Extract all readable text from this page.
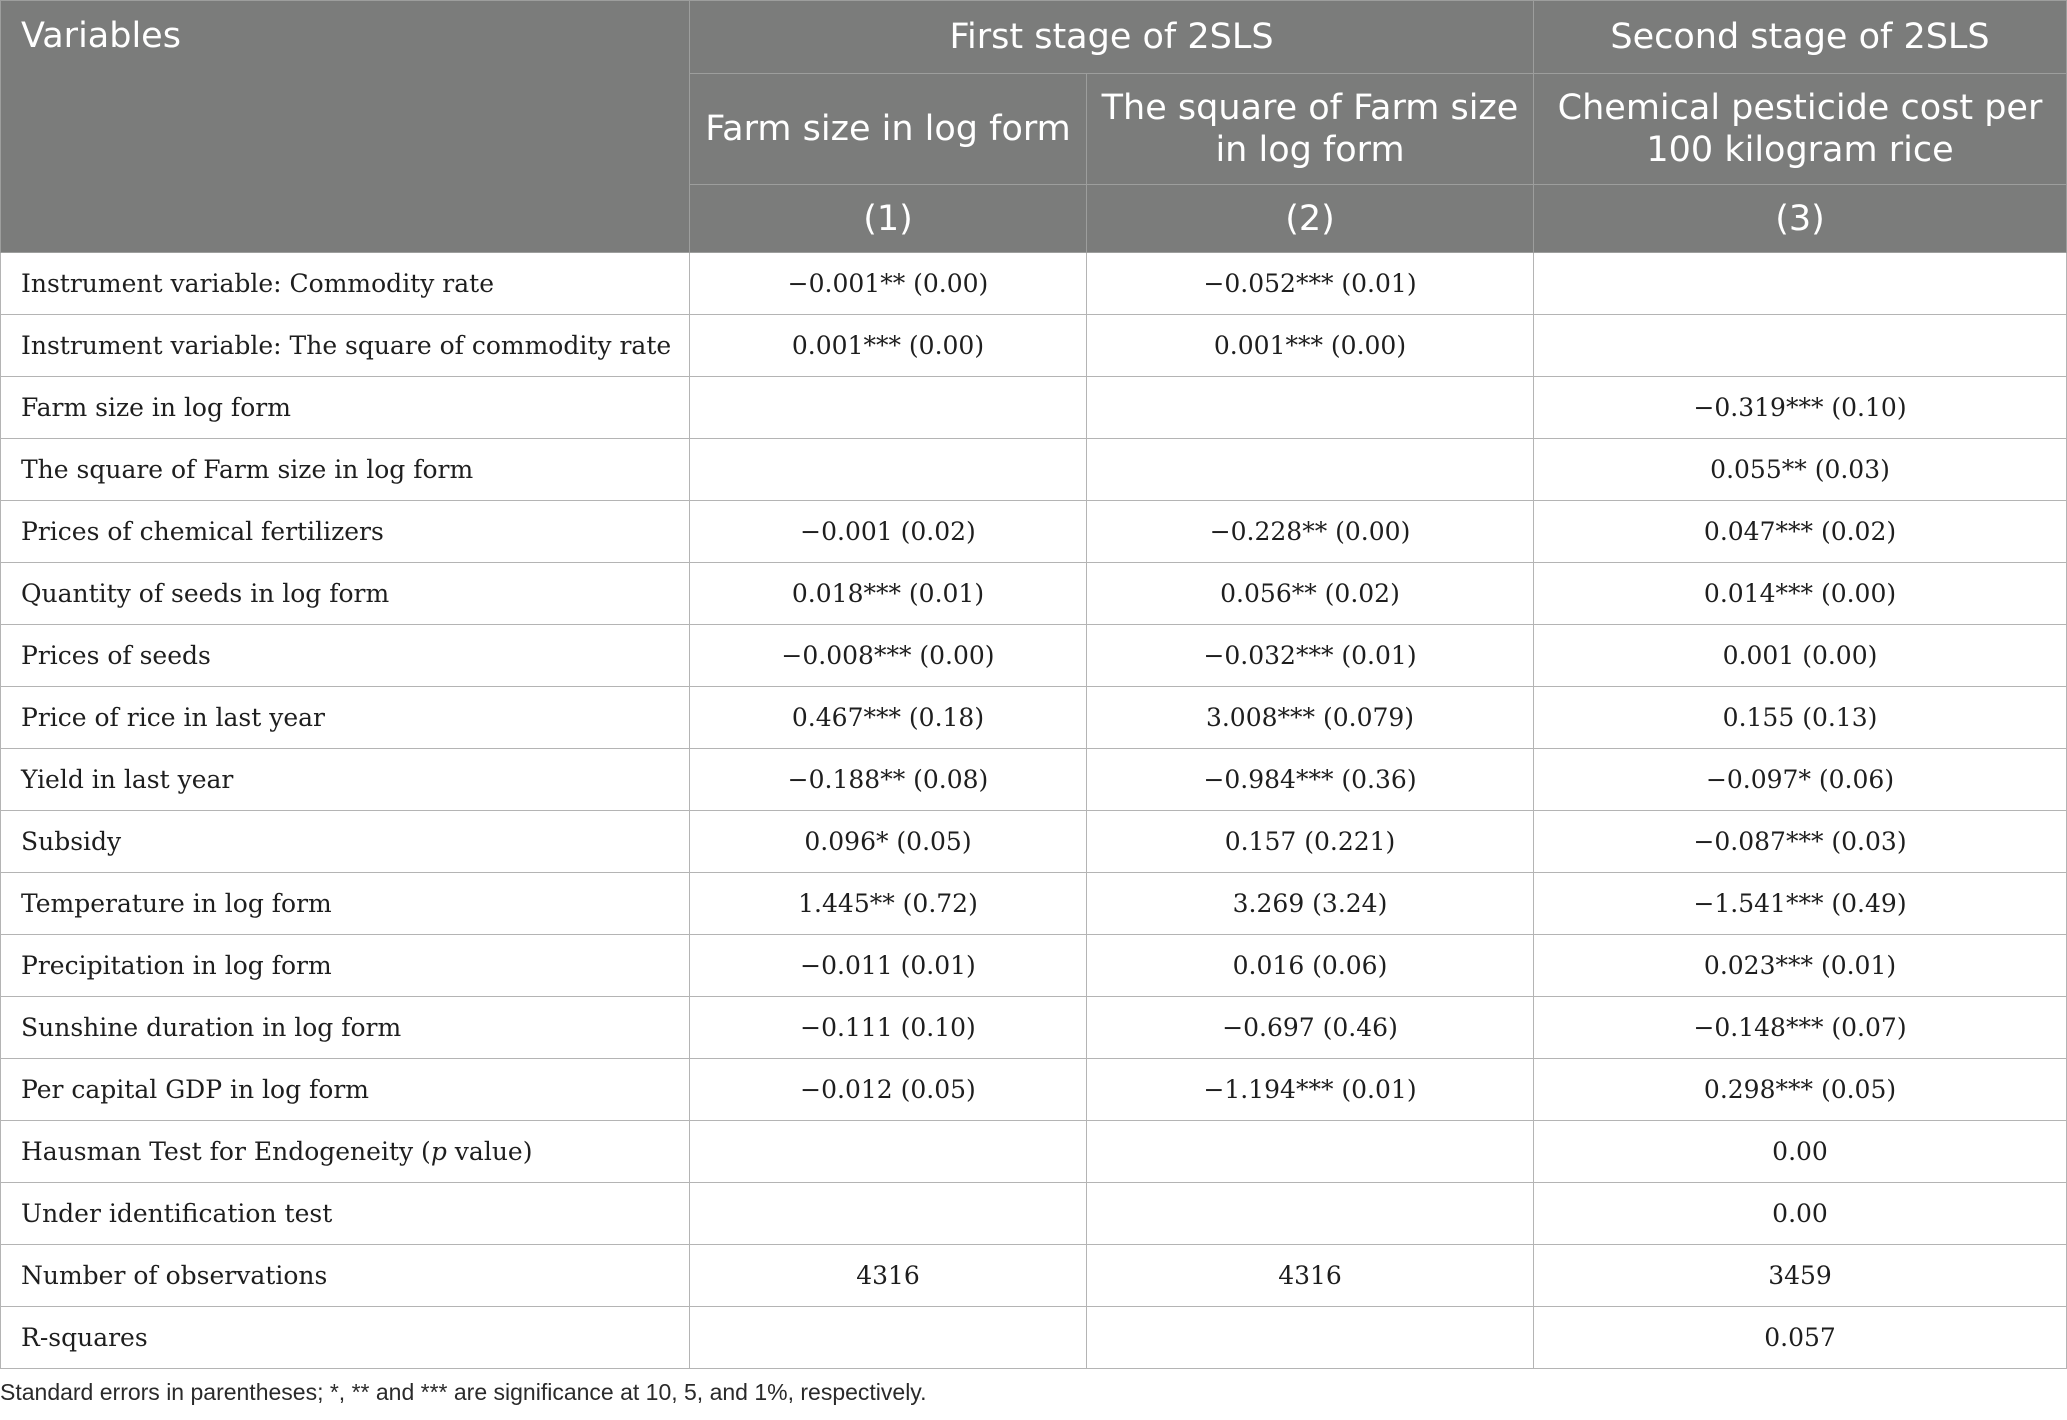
Variables	First stage of 2SLS		Second stage of 2SLS
	Farm size in log form	The square of Farm size in log form	Chemical pesticide cost per 100 kilogram rice
	(1)	(2)	(3)
Instrument variable: Commodity rate	−0.001** (0.00)	−0.052*** (0.01)	
Instrument variable: The square of commodity rate	0.001*** (0.00)	0.001*** (0.00)	
Farm size in log form			−0.319*** (0.10)
The square of Farm size in log form			0.055** (0.03)
Prices of chemical fertilizers	−0.001 (0.02)	−0.228** (0.00)	0.047*** (0.02)
Quantity of seeds in log form	0.018*** (0.01)	0.056** (0.02)	0.014*** (0.00)
Prices of seeds	−0.008*** (0.00)	−0.032*** (0.01)	0.001 (0.00)
Price of rice in last year	0.467*** (0.18)	3.008*** (0.079)	0.155 (0.13)
Yield in last year	−0.188** (0.08)	−0.984*** (0.36)	−0.097* (0.06)
Subsidy	0.096* (0.05)	0.157 (0.221)	−0.087*** (0.03)
Temperature in log form	1.445** (0.72)	3.269 (3.24)	−1.541*** (0.49)
Precipitation in log form	−0.011 (0.01)	0.016 (0.06)	0.023*** (0.01)
Sunshine duration in log form	−0.111 (0.10)	−0.697 (0.46)	−0.148*** (0.07)
Per capital GDP in log form	−0.012 (0.05)	−1.194*** (0.01)	0.298*** (0.05)
Hausman Test for Endogeneity (p value)			0.00
Under identification test			0.00
Number of observations	4316	4316	3459
R-squares			0.057
Standard errors in parentheses; *, ** and *** are significance at 10, 5, and 1%, respectively.
